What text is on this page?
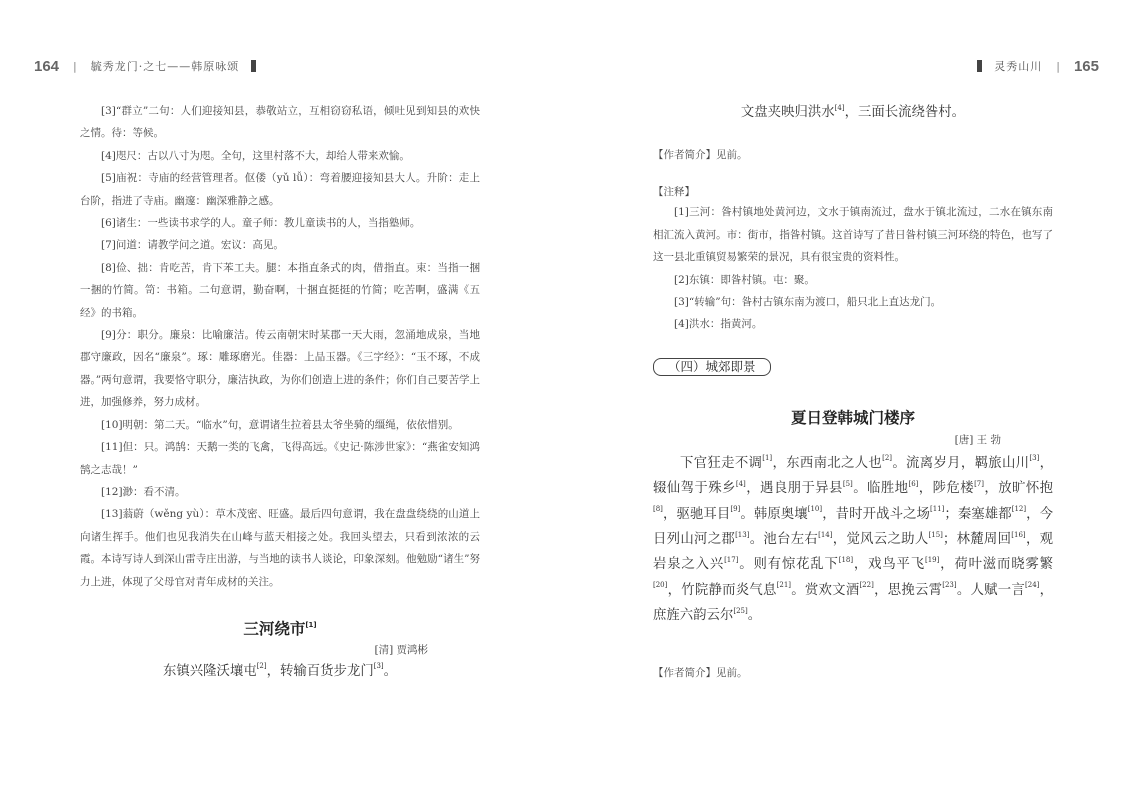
164 | 毓秀龙门·之七——韩原咏颂	灵秀山川 | 165

[3]“群立”二句：人们迎接知县，恭敬站立，互相窃窃私语，倾吐见到知县的欢快之情。待：等候。

[4]咫尺：古以八寸为咫。全句，这里村落不大，却给人带来欢愉。

[5]庙祝：寺庙的经营管理者。伛偻（yǔ lǚ）：弯着腰迎接知县大人。升阶：走上台阶，指进了寺庙。幽邃：幽深雅静之感。

[6]诸生：一些读书求学的人。童子师：教儿童读书的人，当指塾师。

[7]问道：请教学问之道。宏议：高见。

[8]俭、拙：肯吃苦，肯下苯工夫。腿：本指直条式的肉，借指直。束：当指一捆一捆的竹简。笥：书箱。二句意谓，勤奋啊，十捆直挺挺的竹简；吃苦啊，盛满《五经》的书箱。

[9]分：职分。廉泉：比喻廉洁。传云南朝宋时某郡一天大雨，忽涌地成泉，当地郡守廉政，因名“廉泉”。琢：雕琢磨光。佳器：上品玉器。《三字经》：“玉不琢，不成器。”两句意谓，我要恪守职分，廉洁执政，为你们创造上进的条件；你们自己要苦学上进，加强修养，努力成材。

[10]明朝：第二天。“临水”句，意谓诸生拉着县太爷坐骑的缰绳，依依惜别。

[11]但：只。鸿鹄：天鹅一类的飞禽，飞得高远。《史记·陈涉世家》：“燕雀安知鸿鹄之志哉！”

[12]渺：看不清。

[13]蓊蔚（wěng yù）：草木茂密、旺盛。最后四句意谓，我在盘盘绕绕的山道上向诸生挥手。他们也见我消失在山峰与蓝天相接之处。我回头望去，只看到浓浓的云霞。本诗写诗人到深山雷寺庄出游，与当地的读书人谈论，印象深刻。他勉励“诸生”努力上进，体现了父母官对青年成材的关注。

三河绕市[1]

[清] 贾鸿彬

东镇兴隆沃壤屯[2]，转输百货步龙门[3]。

文盘夹映归洪水[4]，三面长流绕昝村。

【作者简介】见前。

【注释】

[1]三河：昝村镇地处黄河边，文水于镇南流过，盘水于镇北流过，二水在镇东南相汇流入黄河。市：街市，指昝村镇。这首诗写了昔日昝村镇三河环绕的特色，也写了这一县北重镇贸易繁荣的景况，具有很宝贵的资料性。

[2]东镇：即昝村镇。屯：聚。

[3]“转输”句：昝村古镇东南为渡口，船只北上直达龙门。

[4]洪水：指黄河。

（四）城郊即景

夏日登韩城门楼序

[唐] 王 勃

下官狂走不调[1]，东西南北之人也[2]。流离岁月，羁旅山川[3]，辍仙驾于殊乡[4]，遇良朋于异县[5]。临胜地[6]，陟危楼[7]，放旷怀抱[8]，驱驰耳目[9]。韩原奥壤[10]，昔时开战斗之场[11]；秦塞雄都[12]，今日列山河之郡[13]。池台左右[14]，觉风云之助人[15]；林麓周回[16]，观岩泉之入兴[17]。则有惊花乱下[18]，戏鸟平飞[19]，荷叶滋而晓雾繁[20]，竹院静而炎气息[21]。赏欢文酒[22]，思挽云霄[23]。人赋一言[24]，庶旌六韵云尔[25]。

【作者简介】见前。
